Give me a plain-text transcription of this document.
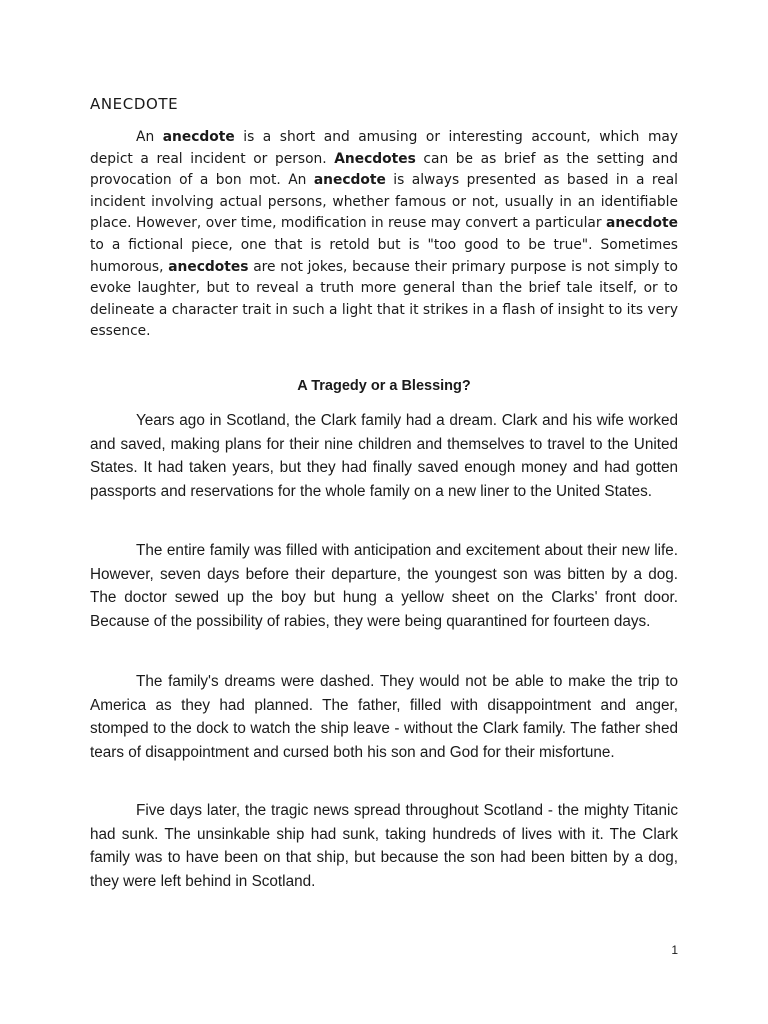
ANECDOTE

An anecdote is a short and amusing or interesting account, which may depict a real incident or person. Anecdotes can be as brief as the setting and provocation of a bon mot. An anecdote is always presented as based in a real incident involving actual persons, whether famous or not, usually in an identifiable place. However, over time, modification in reuse may convert a particular anecdote to a fictional piece, one that is retold but is "too good to be true". Sometimes humorous, anecdotes are not jokes, because their primary purpose is not simply to evoke laughter, but to reveal a truth more general than the brief tale itself, or to delineate a character trait in such a light that it strikes in a flash of insight to its very essence.

A Tragedy or a Blessing?

Years ago in Scotland, the Clark family had a dream. Clark and his wife worked and saved, making plans for their nine children and themselves to travel to the United States. It had taken years, but they had finally saved enough money and had gotten passports and reservations for the whole family on a new liner to the United States.

The entire family was filled with anticipation and excitement about their new life. However, seven days before their departure, the youngest son was bitten by a dog. The doctor sewed up the boy but hung a yellow sheet on the Clarks' front door. Because of the possibility of rabies, they were being quarantined for fourteen days.

The family's dreams were dashed. They would not be able to make the trip to America as they had planned. The father, filled with disappointment and anger, stomped to the dock to watch the ship leave - without the Clark family. The father shed tears of disappointment and cursed both his son and God for their misfortune.

Five days later, the tragic news spread throughout Scotland - the mighty Titanic had sunk. The unsinkable ship had sunk, taking hundreds of lives with it. The Clark family was to have been on that ship, but because the son had been bitten by a dog, they were left behind in Scotland.

1
